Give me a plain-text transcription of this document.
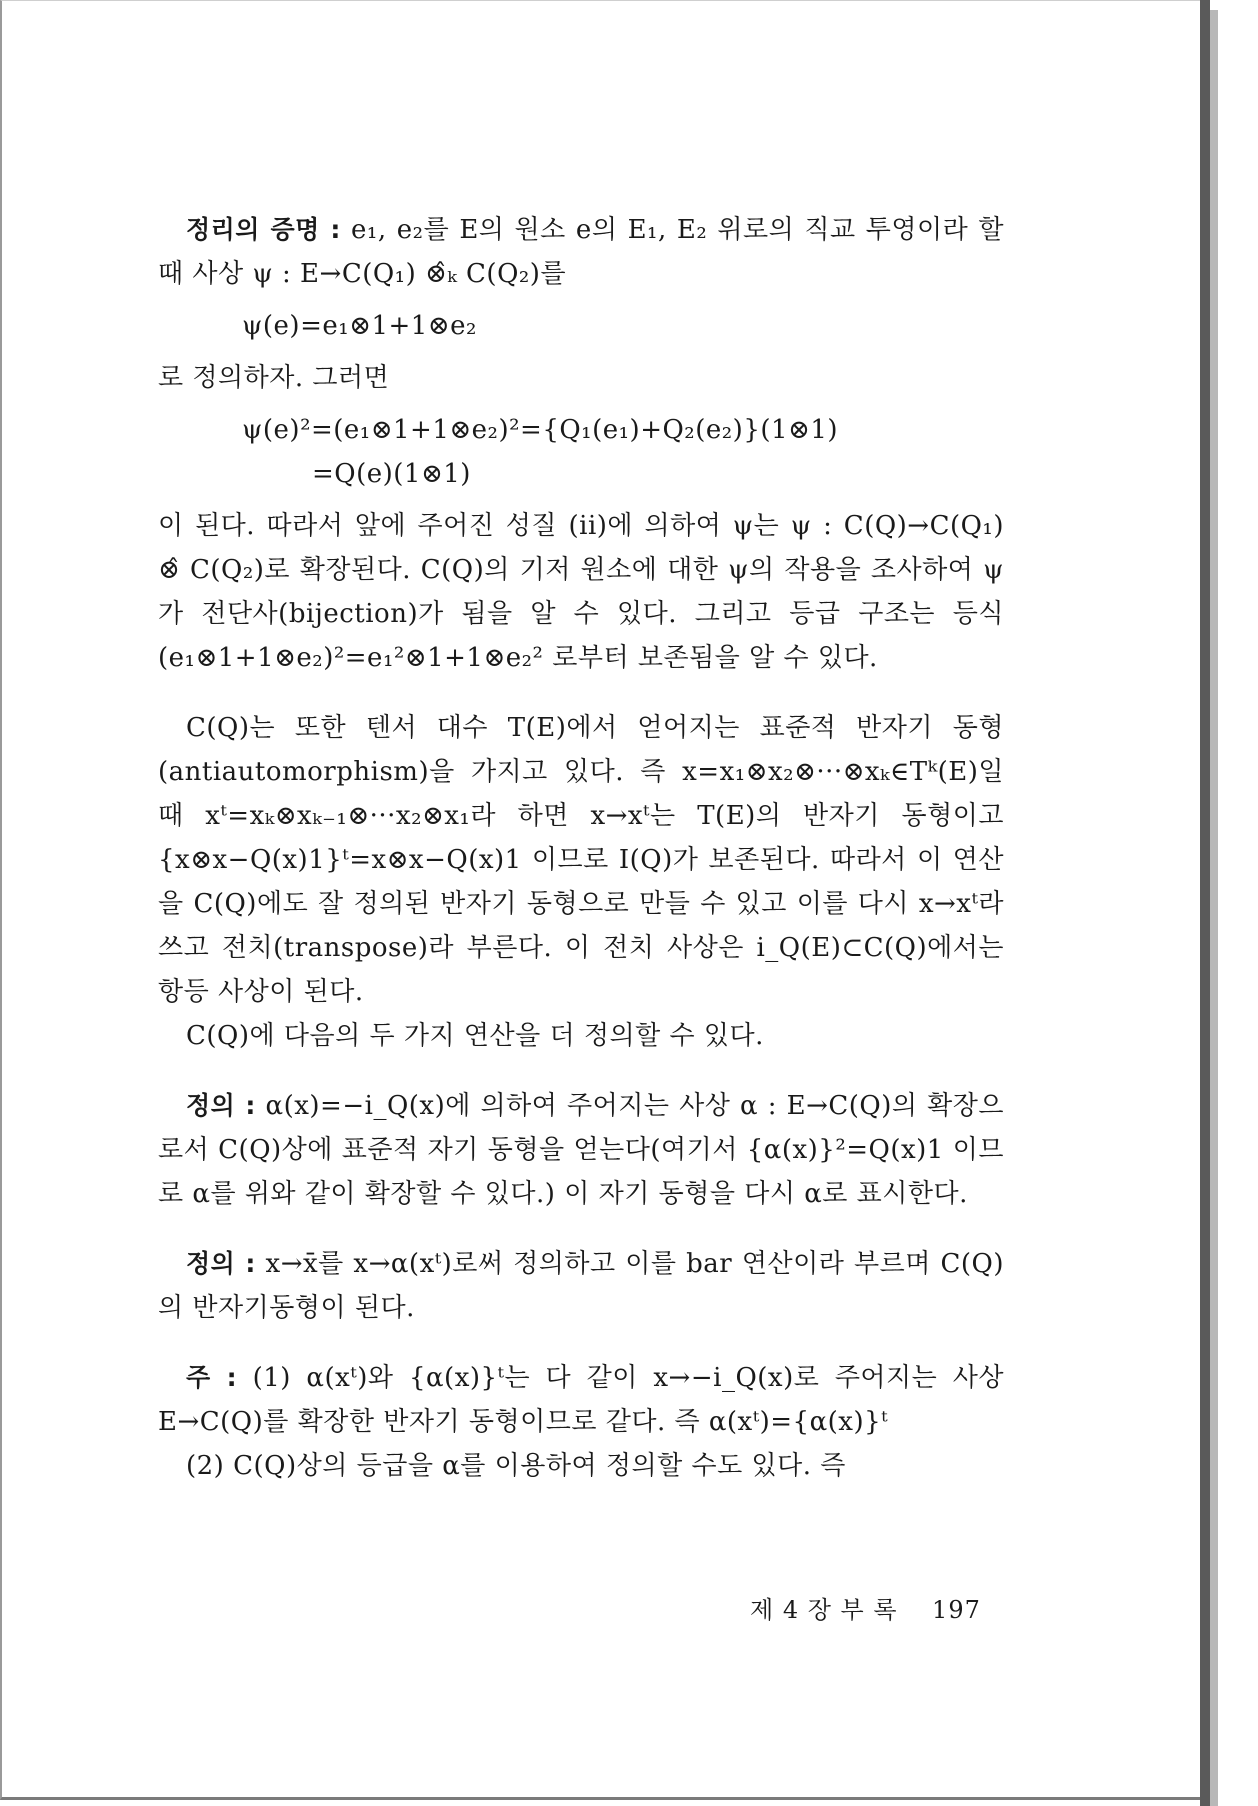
정리의 증명 : e₁, e₂를 E의 원소 e의 E₁, E₂ 위로의 직교 투영이라 할 때 사상 ψ : E→C(Q₁) ⊗̂ₖ C(Q₂)를

ψ(e)=e₁⊗1+1⊗e₂

로 정의하자. 그러면

ψ(e)²=(e₁⊗1+1⊗e₂)²={Q₁(e₁)+Q₂(e₂)}(1⊗1)

=Q(e)(1⊗1)

이 된다. 따라서 앞에 주어진 성질 (ii)에 의하여 ψ는 ψ : C(Q)→C(Q₁) ⊗̂ C(Q₂)로 확장된다. C(Q)의 기저 원소에 대한 ψ의 작용을 조사하여 ψ가 전단사(bijection)가 됨을 알 수 있다. 그리고 등급 구조는 등식 (e₁⊗1+1⊗e₂)²=e₁²⊗1+1⊗e₂² 로부터 보존됨을 알 수 있다.

C(Q)는 또한 텐서 대수 T(E)에서 얻어지는 표준적 반자기 동형(antiautomorphism)을 가지고 있다. 즉 x=x₁⊗x₂⊗···⊗xₖ∈Tᵏ(E)일 때 xᵗ=xₖ⊗xₖ₋₁⊗···x₂⊗x₁라 하면 x→xᵗ는 T(E)의 반자기 동형이고 {x⊗x−Q(x)1}ᵗ=x⊗x−Q(x)1 이므로 I(Q)가 보존된다. 따라서 이 연산을 C(Q)에도 잘 정의된 반자기 동형으로 만들 수 있고 이를 다시 x→xᵗ라 쓰고 전치(transpose)라 부른다. 이 전치 사상은 i_Q(E)⊂C(Q)에서는 항등 사상이 된다.

C(Q)에 다음의 두 가지 연산을 더 정의할 수 있다.

정의 : α(x)=−i_Q(x)에 의하여 주어지는 사상 α : E→C(Q)의 확장으로서 C(Q)상에 표준적 자기 동형을 얻는다(여기서 {α(x)}²=Q(x)1 이므로 α를 위와 같이 확장할 수 있다.) 이 자기 동형을 다시 α로 표시한다.

정의 : x→x̄를 x→α(xᵗ)로써 정의하고 이를 bar 연산이라 부르며 C(Q)의 반자기동형이 된다.

주 : (1) α(xᵗ)와 {α(x)}ᵗ는 다 같이 x→−i_Q(x)로 주어지는 사상 E→C(Q)를 확장한 반자기 동형이므로 같다. 즉 α(xᵗ)={α(x)}ᵗ

(2) C(Q)상의 등급을 α를 이용하여 정의할 수도 있다. 즉

제 4 장 부 록 197
